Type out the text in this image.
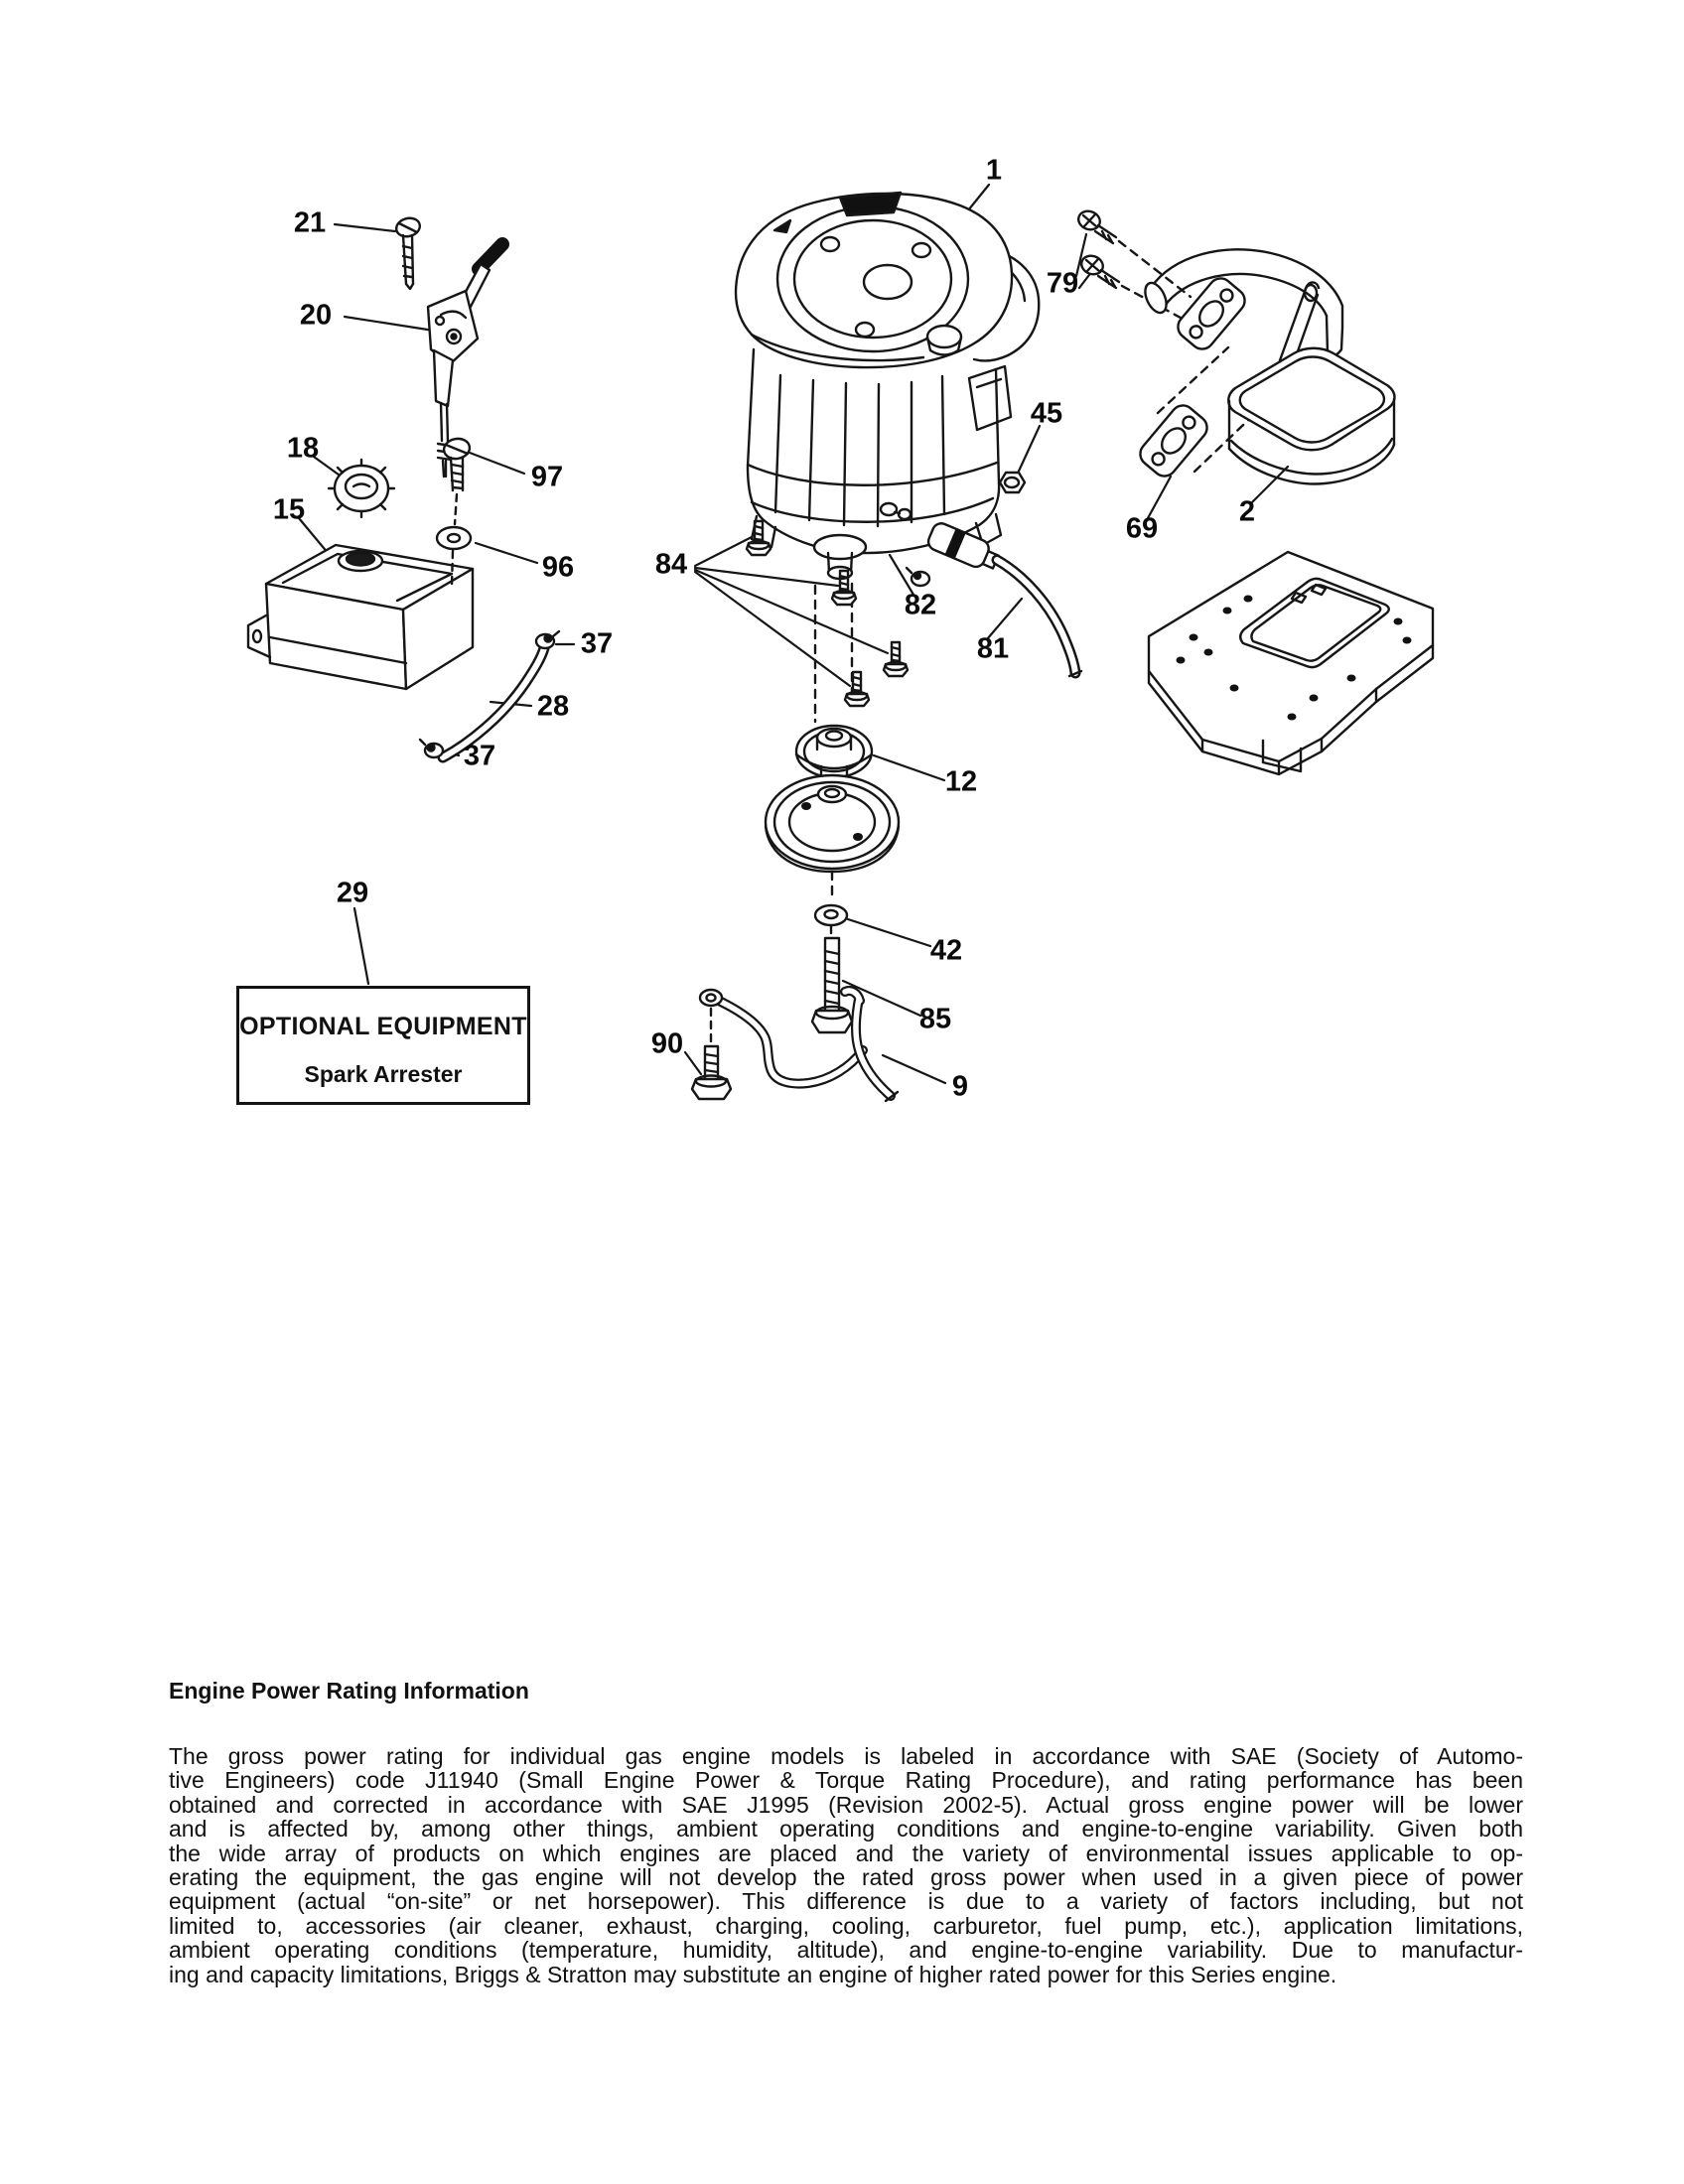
21
20
18
15
97
96
37
28
37
29
1
79
45
69
2
84
82
81
12
42
85
90
9
OPTIONAL EQUIPMENT
Spark Arrester
Engine Power Rating Information
The gross power rating for individual gas engine models is labeled in accordance with SAE (Society of Automo-
tive Engineers) code J11940 (Small Engine Power & Torque Rating Procedure), and rating performance has been
obtained and corrected in accordance with SAE J1995 (Revision 2002-5). Actual gross engine power will be lower
and is affected by, among other things, ambient operating conditions and engine-to-engine variability. Given both
the wide array of products on which engines are placed and the variety of environmental issues applicable to op-
erating the equipment, the gas engine will not develop the rated gross power when used in a given piece of power
equipment (actual “on-site” or net horsepower). This difference is due to a variety of factors including, but not
limited to, accessories (air cleaner, exhaust, charging, cooling, carburetor, fuel pump, etc.), application limitations,
ambient operating conditions (temperature, humidity, altitude), and engine-to-engine variability. Due to manufactur-
ing and capacity limitations, Briggs & Stratton may substitute an engine of higher rated power for this Series engine.
